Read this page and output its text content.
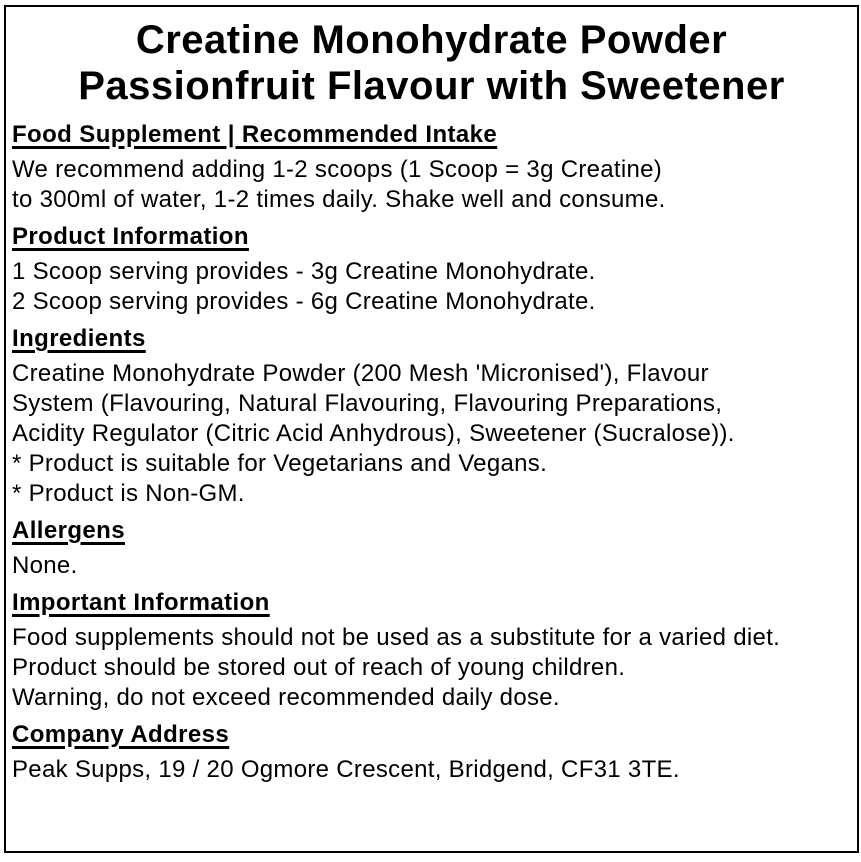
Creatine Monohydrate Powder
Passionfruit Flavour with Sweetener
Food Supplement | Recommended Intake
We recommend adding 1-2 scoops (1 Scoop = 3g Creatine)
to 300ml of water, 1-2 times daily. Shake well and consume.
Product Information
1 Scoop serving provides - 3g Creatine Monohydrate.
2 Scoop serving provides - 6g Creatine Monohydrate.
Ingredients
Creatine Monohydrate Powder (200 Mesh 'Micronised'), Flavour
System (Flavouring, Natural Flavouring, Flavouring Preparations,
Acidity Regulator (Citric Acid Anhydrous), Sweetener (Sucralose)).
* Product is suitable for Vegetarians and Vegans.
* Product is Non-GM.
Allergens
None.
Important Information
Food supplements should not be used as a substitute for a varied diet.
Product should be stored out of reach of young children.
Warning, do not exceed recommended daily dose.
Company Address
Peak Supps, 19 / 20 Ogmore Crescent, Bridgend, CF31 3TE.
